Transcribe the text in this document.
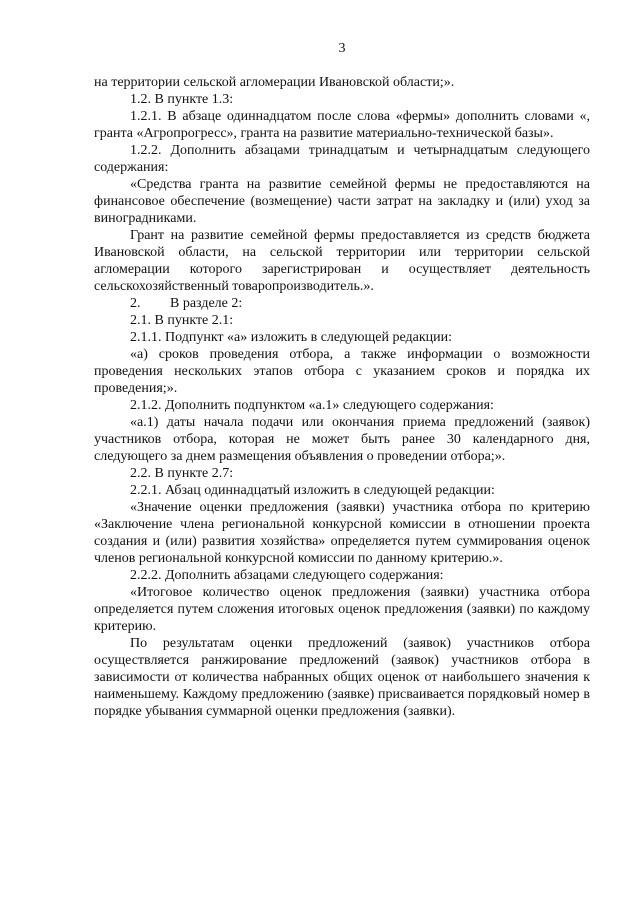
3

на территории сельской агломерации Ивановской области;».

1.2. В пункте 1.3:

1.2.1. В абзаце одиннадцатом после слова «фермы» дополнить словами «, гранта «Агропрогресс», гранта на развитие материально-технической базы».

1.2.2. Дополнить абзацами тринадцатым и четырнадцатым следующего содержания:

«Средства гранта на развитие семейной фермы не предоставляются на финансовое обеспечение (возмещение) части затрат на закладку и (или) уход за виноградниками.

Грант на развитие семейной фермы предоставляется из средств бюджета Ивановской области, на сельской территории или территории сельской агломерации которого зарегистрирован и осуществляет деятельность сельскохозяйственный товаропроизводитель.».

2. В разделе 2:

2.1. В пункте 2.1:

2.1.1. Подпункт «а» изложить в следующей редакции:

«а) сроков проведения отбора, а также информации о возможности проведения нескольких этапов отбора с указанием сроков и порядка их проведения;».

2.1.2. Дополнить подпунктом «а.1» следующего содержания:

«а.1) даты начала подачи или окончания приема предложений (заявок) участников отбора, которая не может быть ранее 30 календарного дня, следующего за днем размещения объявления о проведении отбора;».

2.2. В пункте 2.7:

2.2.1. Абзац одиннадцатый изложить в следующей редакции:

«Значение оценки предложения (заявки) участника отбора по критерию «Заключение члена региональной конкурсной комиссии в отношении проекта создания и (или) развития хозяйства» определяется путем суммирования оценок членов региональной конкурсной комиссии по данному критерию.».

2.2.2. Дополнить абзацами следующего содержания:

«Итоговое количество оценок предложения (заявки) участника отбора определяется путем сложения итоговых оценок предложения (заявки) по каждому критерию.

По результатам оценки предложений (заявок) участников отбора осуществляется ранжирование предложений (заявок) участников отбора в зависимости от количества набранных общих оценок от наибольшего значения к наименьшему. Каждому предложению (заявке) присваивается порядковый номер в порядке убывания суммарной оценки предложения (заявки).
